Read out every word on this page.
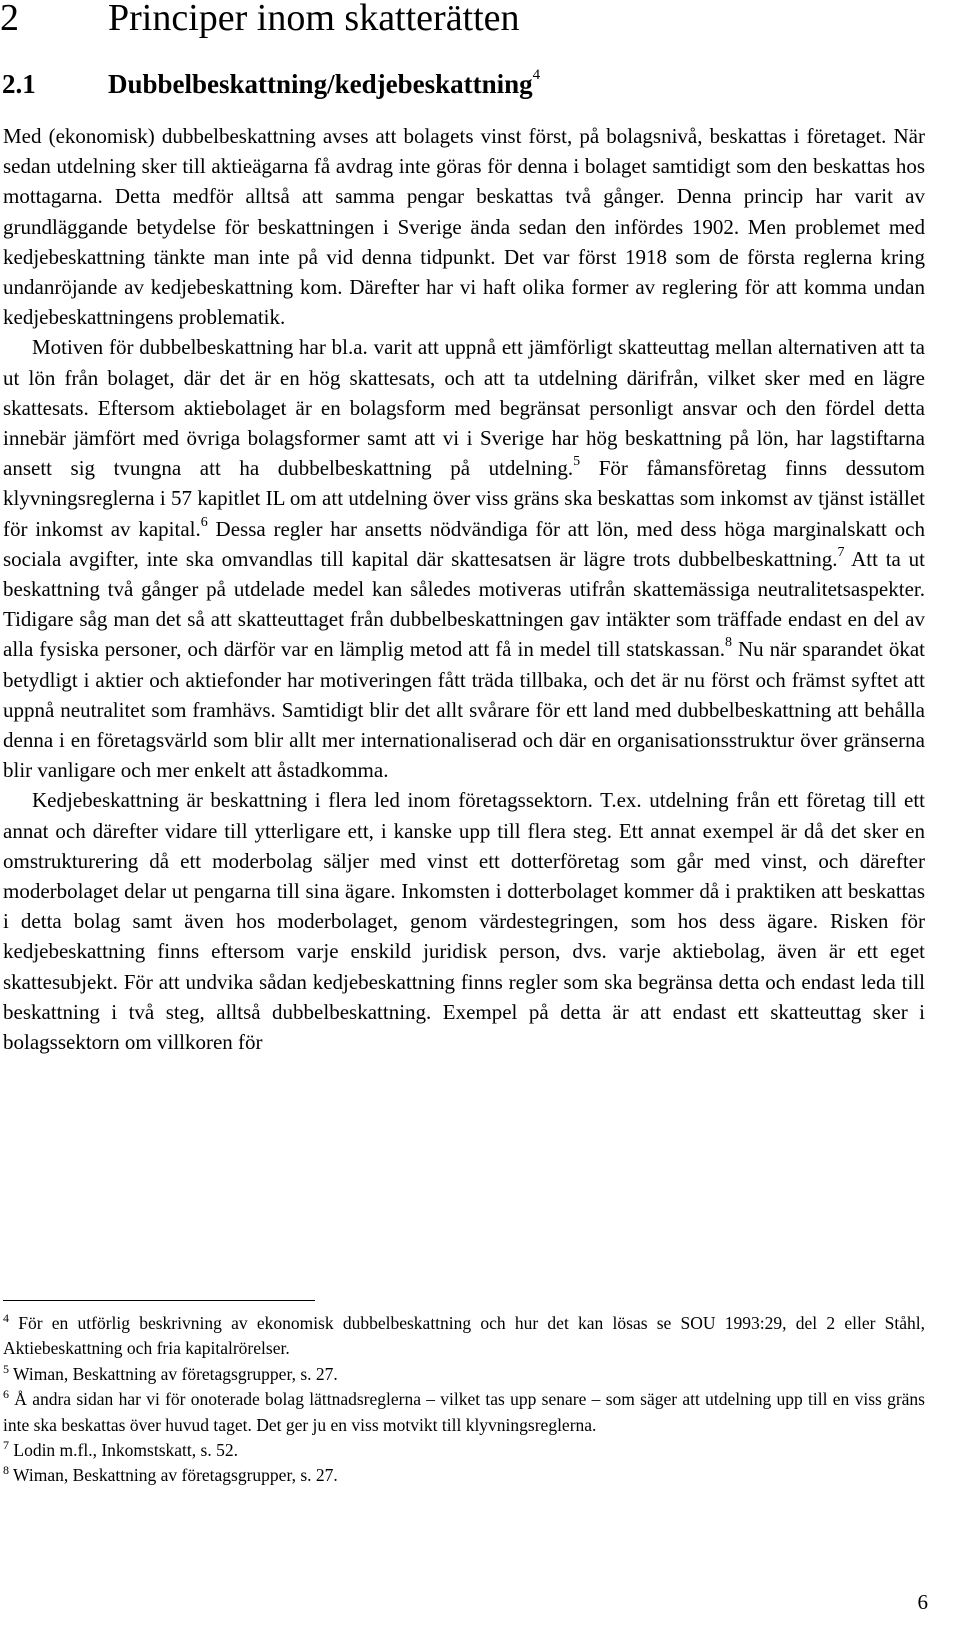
2 Principer inom skatterätten
2.1	Dubbelbeskattning/kedjebeskattning$^4$

Med (ekonomisk) dubbelbeskattning avses att bolagets vinst först, på bolagsnivå, beskattas i företaget. När sedan utdelning sker till aktieägarna få avdrag inte göras för denna i bolaget samtidigt som den beskattas hos mottagarna. Detta medför alltså att samma pengar beskattas två gånger. Denna princip har varit av grundläggande betydelse för beskattningen i Sverige ända sedan den infördes 1902. Men problemet med kedjebeskattning tänkte man inte på vid denna tidpunkt. Det var först 1918 som de första reglerna kring undanröjande av kedjebeskattning kom. Därefter har vi haft olika former av reglering för att komma undan kedjebeskattningens problematik.

Motiven för dubbelbeskattning har bl.a. varit att uppnå ett jämförligt skatteuttag mellan alternativen att ta ut lön från bolaget, där det är en hög skattesats, och att ta utdelning därifrån, vilket sker med en lägre skattesats. Eftersom aktiebolaget är en bolagsform med begränsat personligt ansvar och den fördel detta innebär jämfört med övriga bolagsformer samt att vi i Sverige har hög beskattning på lön, har lagstiftarna ansett sig tvungna att ha dubbelbeskattning på utdelning.$^5$ För fåmansföretag finns dessutom klyvningsreglerna i 57 kapitlet IL om att utdelning över viss gräns ska beskattas som inkomst av tjänst istället för inkomst av kapital.$^6$ Dessa regler har ansetts nödvändiga för att lön, med dess höga marginalskatt och sociala avgifter, inte ska omvandlas till kapital där skattesatsen är lägre trots dubbelbeskattning.$^7$ Att ta ut beskattning två gånger på utdelade medel kan således motiveras utifrån skattemässiga neutralitetsaspekter. Tidigare såg man det så att skatteuttaget från dubbelbeskattningen gav intäkter som träffade endast en del av alla fysiska personer, och därför var en lämplig metod att få in medel till statskassan.$^8$ Nu när sparandet ökat betydligt i aktier och aktiefonder har motiveringen fått träda tillbaka, och det är nu först och främst syftet att uppnå neutralitet som framhävs. Samtidigt blir det allt svårare för ett land med dubbelbeskattning att behålla denna i en företagsvärld som blir allt mer internationaliserad och där en organisationsstruktur över gränserna blir vanligare och mer enkelt att åstadkomma.

Kedjebeskattning är beskattning i flera led inom företagssektorn. T.ex. utdelning från ett företag till ett annat och därefter vidare till ytterligare ett, i kanske upp till flera steg. Ett annat exempel är då det sker en omstrukturering då ett moderbolag säljer med vinst ett dotterföretag som går med vinst, och därefter moderbolaget delar ut pengarna till sina ägare. Inkomsten i dotterbolaget kommer då i praktiken att beskattas i detta bolag samt även hos moderbolaget, genom värdestegringen, som hos dess ägare. Risken för kedjebeskattning finns eftersom varje enskild juridisk person, dvs. varje aktiebolag, även är ett eget skattesubjekt. För att undvika sådan kedjebeskattning finns regler som ska begränsa detta och endast leda till beskattning i två steg, alltså dubbelbeskattning. Exempel på detta är att endast ett skatteuttag sker i bolagssektorn om villkoren för

$^4$ För en utförlig beskrivning av ekonomisk dubbelbeskattning och hur det kan lösas se SOU 1993:29, del 2 eller Ståhl, Aktiebeskattning och fria kapitalrörelser.

$^5$ Wiman, Beskattning av företagsgrupper, s. 27.

$^6$ Å andra sidan har vi för onoterade bolag lättnadsreglerna – vilket tas upp senare – som säger att utdelning upp till en viss gräns inte ska beskattas över huvud taget. Det ger ju en viss motvikt till klyvningsreglerna.

$^7$ Lodin m.fl., Inkomstskatt, s. 52.

$^8$ Wiman, Beskattning av företagsgrupper, s. 27.

6
